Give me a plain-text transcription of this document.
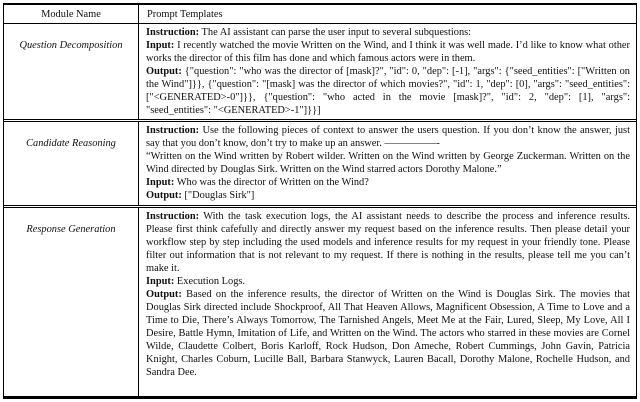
Module Name	Prompt Templates
Question Decomposition
Instruction: The AI assistant can parse the user input to several subquestions:
Input: I recently watched the movie Written on the Wind, and I think it was well made. I’d like to know what other works the director of this film has done and which famous actors were in them.
Output: {"question": "who was the director of [mask]?", "id": 0, "dep": [-1], "args": {"seed_entities": ["Written on the Wind"]}}, {"question": "[mask] was the director of which movies?", "id": 1, "dep": [0], "args": "seed_entities": ["<GENERATED>-0"]}}, {"question": "who acted in the movie [mask]?", "id": 2, "dep": [1], "args": "seed_entities": "<GENERATED>-1"]}}]
Candidate Reasoning
Instruction: Use the following pieces of context to answer the users question. If you don’t know the answer, just say that you don’t know, don’t try to make up an answer. —————-
“Written on the Wind written by Robert wilder. Written on the Wind written by George Zuckerman. Written on the Wind directed by Douglas Sirk. Written on the Wind starred actors Dorothy Malone.”
Input: Who was the director of Written on the Wind?
Output: ["Douglas Sirk"]
Response Generation
Instruction: With the task execution logs, the AI assistant needs to describe the process and inference results. Please first think cafefully and directly answer my request based on the inference results. Then please detail your workflow step by step including the used models and inference results for my request in your friendly tone. Please filter out information that is not relevant to my request. If there is nothing in the results, please tell me you can’t make it.
Input: Execution Logs.
Output: Based on the inference results, the director of Written on the Wind is Douglas Sirk. The movies that Douglas Sirk directed include Shockproof, All That Heaven Allows, Magnificent Obsession, A Time to Love and a Time to Die, There’s Always Tomorrow, The Tarnished Angels, Meet Me at the Fair, Lured, Sleep, My Love, All I Desire, Battle Hymn, Imitation of Life, and Written on the Wind. The actors who starred in these movies are Cornel Wilde, Claudette Colbert, Boris Karloff, Rock Hudson, Don Ameche, Robert Cummings, John Gavin, Patricia Knight, Charles Coburn, Lucille Ball, Barbara Stanwyck, Lauren Bacall, Dorothy Malone, Rochelle Hudson, and Sandra Dee.
